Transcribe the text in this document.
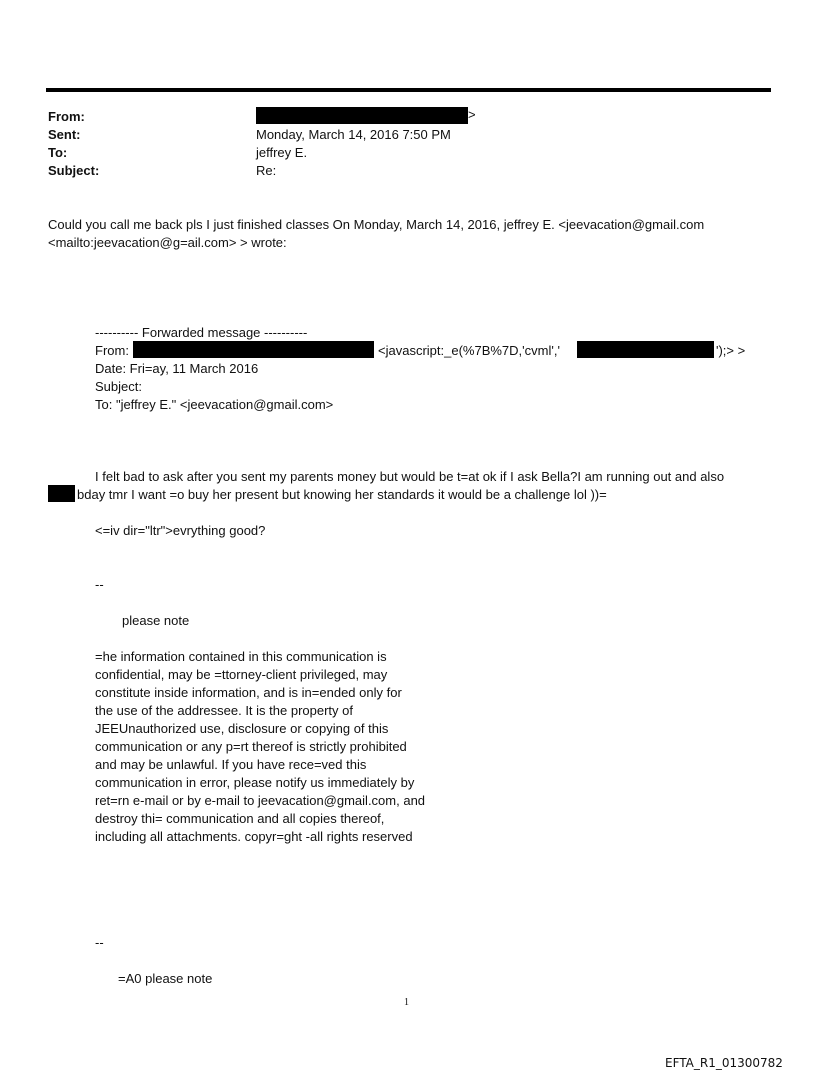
From:	>
Sent:	Monday, March 14, 2016 7:50 PM
To:	jeffrey E.
Subject:	Re:
Could you call me back pls I just finished classes On Monday, March 14, 2016, jeffrey E. <jeevacation@gmail.com
<mailto:jeevacation@g=ail.com> > wrote:
---------- Forwarded message ----------
From:	<javascript:_e(%7B%7D,'cvml','	');> >
Date: Fri=ay, 11 March 2016
Subject:
To: "jeffrey E." <jeevacation@gmail.com>
I felt bad to ask after you sent my parents money but would be t=at ok if I ask Bella?I am running out and also
bday tmr I want =o buy her present but knowing her standards it would be a challenge lol ))=
<=iv dir="ltr">evrything good?
--
please note
=he information contained in this communication is
confidential, may be =ttorney-client privileged, may
constitute inside information, and is in=ended only for
the use of the addressee. It is the property of
JEEUnauthorized use, disclosure or copying of this
communication or any p=rt thereof is strictly prohibited
and may be unlawful. If you have rece=ved this
communication in error, please notify us immediately by
ret=rn e-mail or by e-mail to jeevacation@gmail.com, and
destroy thi= communication and all copies thereof,
including all attachments. copyr=ght -all rights reserved
--
=A0 please note
1
EFTA_R1_01300782
